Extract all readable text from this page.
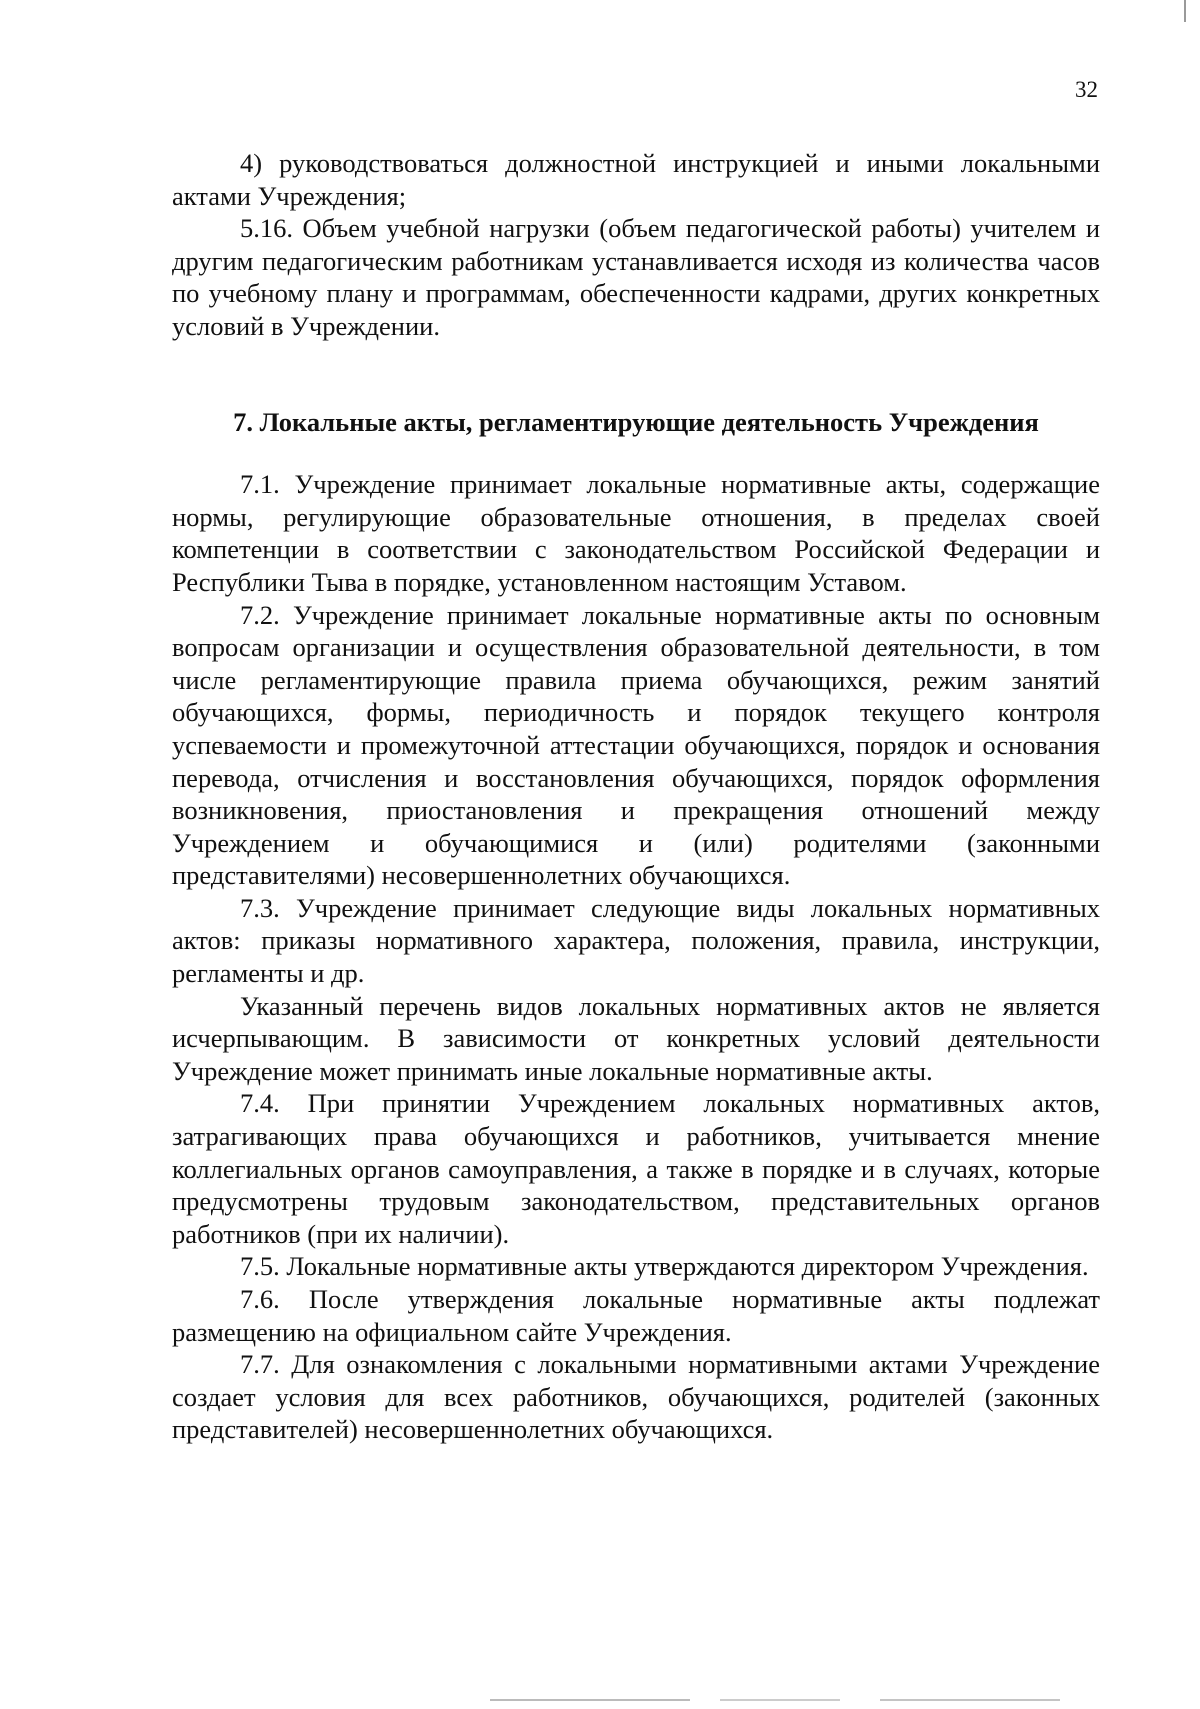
32

4) руководствоваться должностной инструкцией и иными локальными актами Учреждения;

5.16. Объем учебной нагрузки (объем педагогической работы) учителем и другим педагогическим работникам устанавливается исходя из количества часов по учебному плану и программам, обеспеченности кадрами, других конкретных условий в Учреждении.

7. Локальные акты, регламентирующие деятельность Учреждения

7.1. Учреждение принимает локальные нормативные акты, содержащие нормы, регулирующие образовательные отношения, в пределах своей компетенции в соответствии с законодательством Российской Федерации и Республики Тыва в порядке, установленном настоящим Уставом.

7.2. Учреждение принимает локальные нормативные акты по основным вопросам организации и осуществления образовательной деятельности, в том числе регламентирующие правила приема обучающихся, режим занятий обучающихся, формы, периодичность и порядок текущего контроля успеваемости и промежуточной аттестации обучающихся, порядок и основания перевода, отчисления и восстановления обучающихся, порядок оформления возникновения, приостановления и прекращения отношений между Учреждением и обучающимися и (или) родителями (законными представителями) несовершеннолетних обучающихся.

7.3. Учреждение принимает следующие виды локальных нормативных актов: приказы нормативного характера, положения, правила, инструкции, регламенты и др.

Указанный перечень видов локальных нормативных актов не является исчерпывающим. В зависимости от конкретных условий деятельности Учреждение может принимать иные локальные нормативные акты.

7.4. При принятии Учреждением локальных нормативных актов, затрагивающих права обучающихся и работников, учитывается мнение коллегиальных органов самоуправления, а также в порядке и в случаях, которые предусмотрены трудовым законодательством, представительных органов работников (при их наличии).

7.5. Локальные нормативные акты утверждаются директором Учреждения.

7.6. После утверждения локальные нормативные акты подлежат размещению на официальном сайте Учреждения.

7.7. Для ознакомления с локальными нормативными актами Учреждение создает условия для всех работников, обучающихся, родителей (законных представителей) несовершеннолетних обучающихся.
